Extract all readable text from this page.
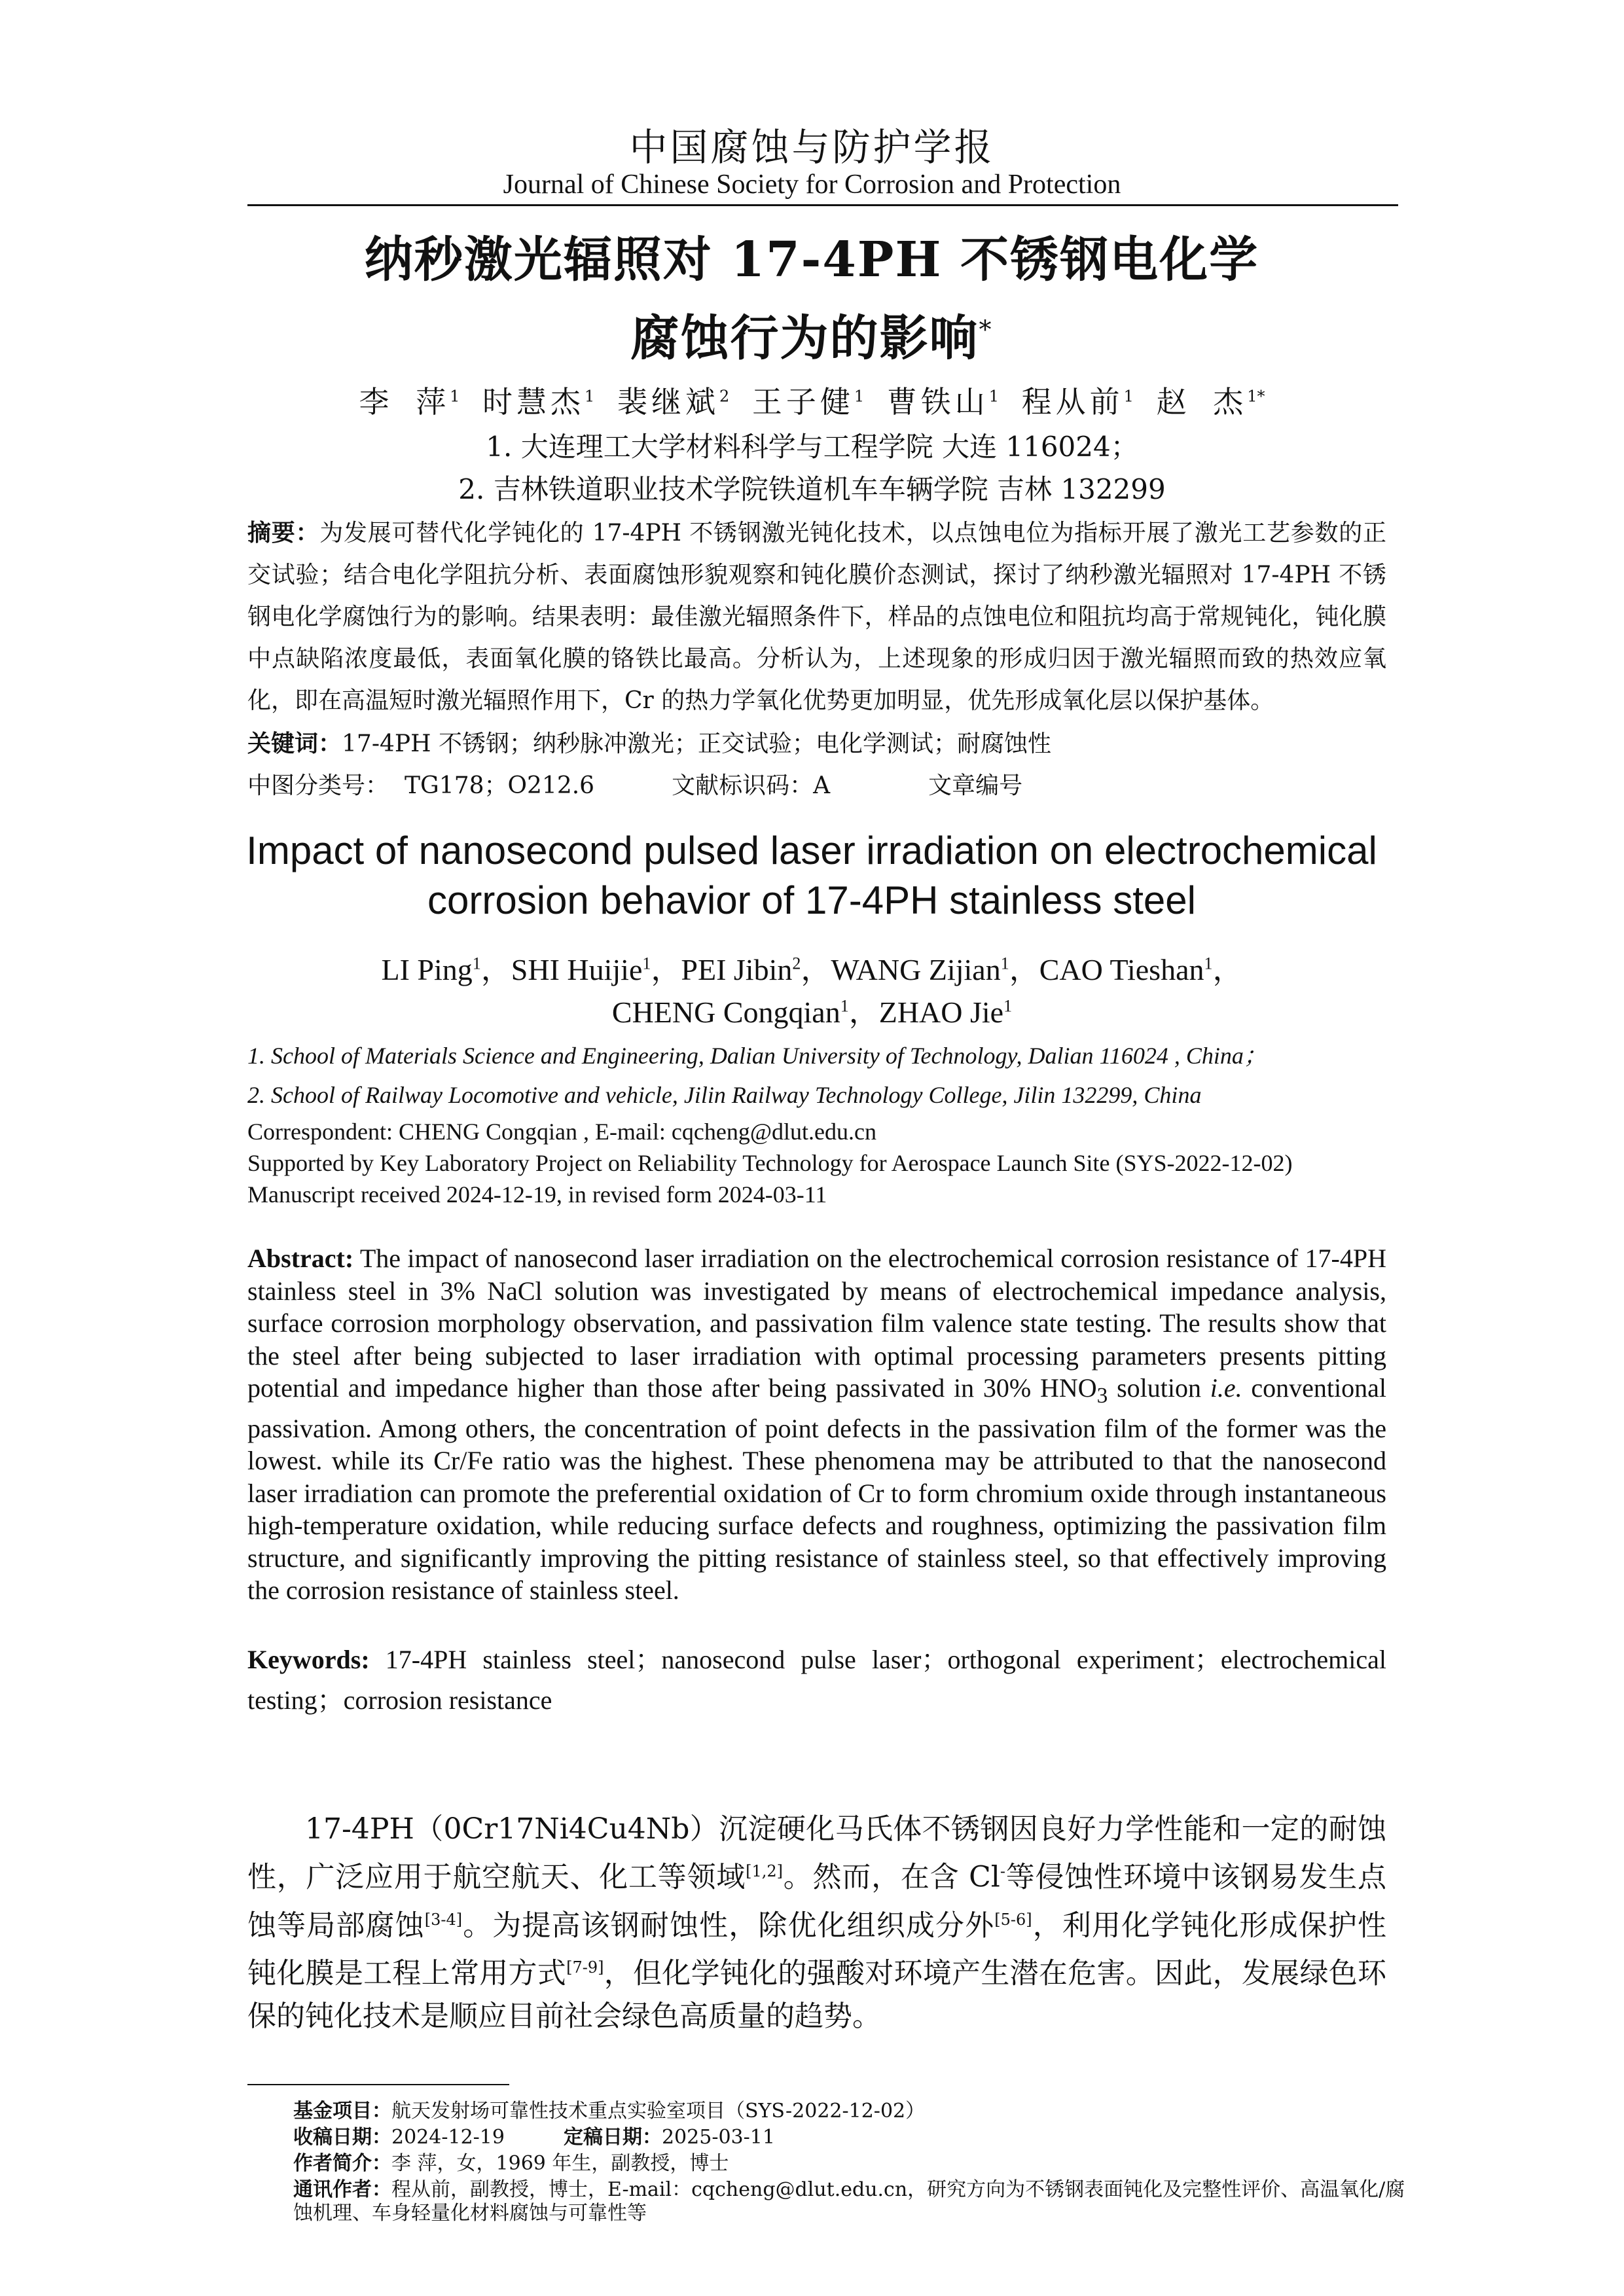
中国腐蚀与防护学报
Journal of Chinese Society for Corrosion and Protection
纳秒激光辐照对 17-4PH 不锈钢电化学
腐蚀行为的影响*
李 萍$^1$ 时慧杰$^1$ 裴继斌$^2$ 王子健$^1$ 曹铁山$^1$ 程从前$^1$ 赵 杰$^{1*}$
1. 大连理工大学材料科学与工程学院 大连 116024；
2. 吉林铁道职业技术学院铁道机车车辆学院 吉林 132299
摘要：为发展可替代化学钝化的 17-4PH 不锈钢激光钝化技术，以点蚀电位为指标开展了激光工艺参数的正交试验；结合电化学阻抗分析、表面腐蚀形貌观察和钝化膜价态测试，探讨了纳秒激光辐照对 17-4PH 不锈钢电化学腐蚀行为的影响。结果表明：最佳激光辐照条件下，样品的点蚀电位和阻抗均高于常规钝化，钝化膜中点缺陷浓度最低，表面氧化膜的铬铁比最高。分析认为，上述现象的形成归因于激光辐照而致的热效应氧化，即在高温短时激光辐照作用下，Cr 的热力学氧化优势更加明显，优先形成氧化层以保护基体。
关键词：17-4PH 不锈钢；纳秒脉冲激光；正交试验；电化学测试；耐腐蚀性
中图分类号： TG178；O212.6	文献标识码：A	文章编号
Impact of nanosecond pulsed laser irradiation on electrochemical
corrosion behavior of 17-4PH stainless steel
LI Ping$^1$，SHI Huijie$^1$，PEI Jibin$^2$，WANG Zijian$^1$，CAO Tieshan$^1$，
CHENG Congqian$^1$，ZHAO Jie$^1$
1. School of Materials Science and Engineering, Dalian University of Technology, Dalian 116024 , China；
2. School of Railway Locomotive and vehicle, Jilin Railway Technology College, Jilin 132299, China
Correspondent: CHENG Congqian , E-mail: cqcheng@dlut.edu.cn
Supported by Key Laboratory Project on Reliability Technology for Aerospace Launch Site (SYS-2022-12-02)
Manuscript received 2024-12-19, in revised form 2024-03-11
Abstract: The impact of nanosecond laser irradiation on the electrochemical corrosion resistance of 17-4PH stainless steel in 3% NaCl solution was investigated by means of electrochemical impedance analysis, surface corrosion morphology observation, and passivation film valence state testing. The results show that the steel after being subjected to laser irradiation with optimal processing parameters presents pitting potential and impedance higher than those after being passivated in 30% $HNO_3$ solution i.e. conventional passivation. Among others, the concentration of point defects in the passivation film of the former was the lowest. while its Cr/Fe ratio was the highest. These phenomena may be attributed to that the nanosecond laser irradiation can promote the preferential oxidation of Cr to form chromium oxide through instantaneous high-temperature oxidation, while reducing surface defects and roughness, optimizing the passivation film structure, and significantly improving the pitting resistance of stainless steel, so that effectively improving the corrosion resistance of stainless steel.
Keywords: 17-4PH stainless steel；nanosecond pulse laser；orthogonal experiment；electrochemical testing；corrosion resistance
17-4PH（0Cr17Ni4Cu4Nb）沉淀硬化马氏体不锈钢因良好力学性能和一定的耐蚀性，广泛应用于航空航天、化工等领域[1,2]。然而，在含 Cl-等侵蚀性环境中该钢易发生点蚀等局部腐蚀[3-4]。为提高该钢耐蚀性，除优化组织成分外[5-6]，利用化学钝化形成保护性钝化膜是工程上常用方式[7-9]，但化学钝化的强酸对环境产生潜在危害。因此，发展绿色环保的钝化技术是顺应目前社会绿色高质量的趋势。
基金项目：航天发射场可靠性技术重点实验室项目（SYS-2022-12-02）
收稿日期：2024-12-19	定稿日期：2025-03-11
作者简介：李 萍，女，1969 年生，副教授，博士
通讯作者：程从前，副教授，博士，E-mail：cqcheng@dlut.edu.cn，研究方向为不锈钢表面钝化及完整性评价、高温氧化/腐蚀机理、车身轻量化材料腐蚀与可靠性等
